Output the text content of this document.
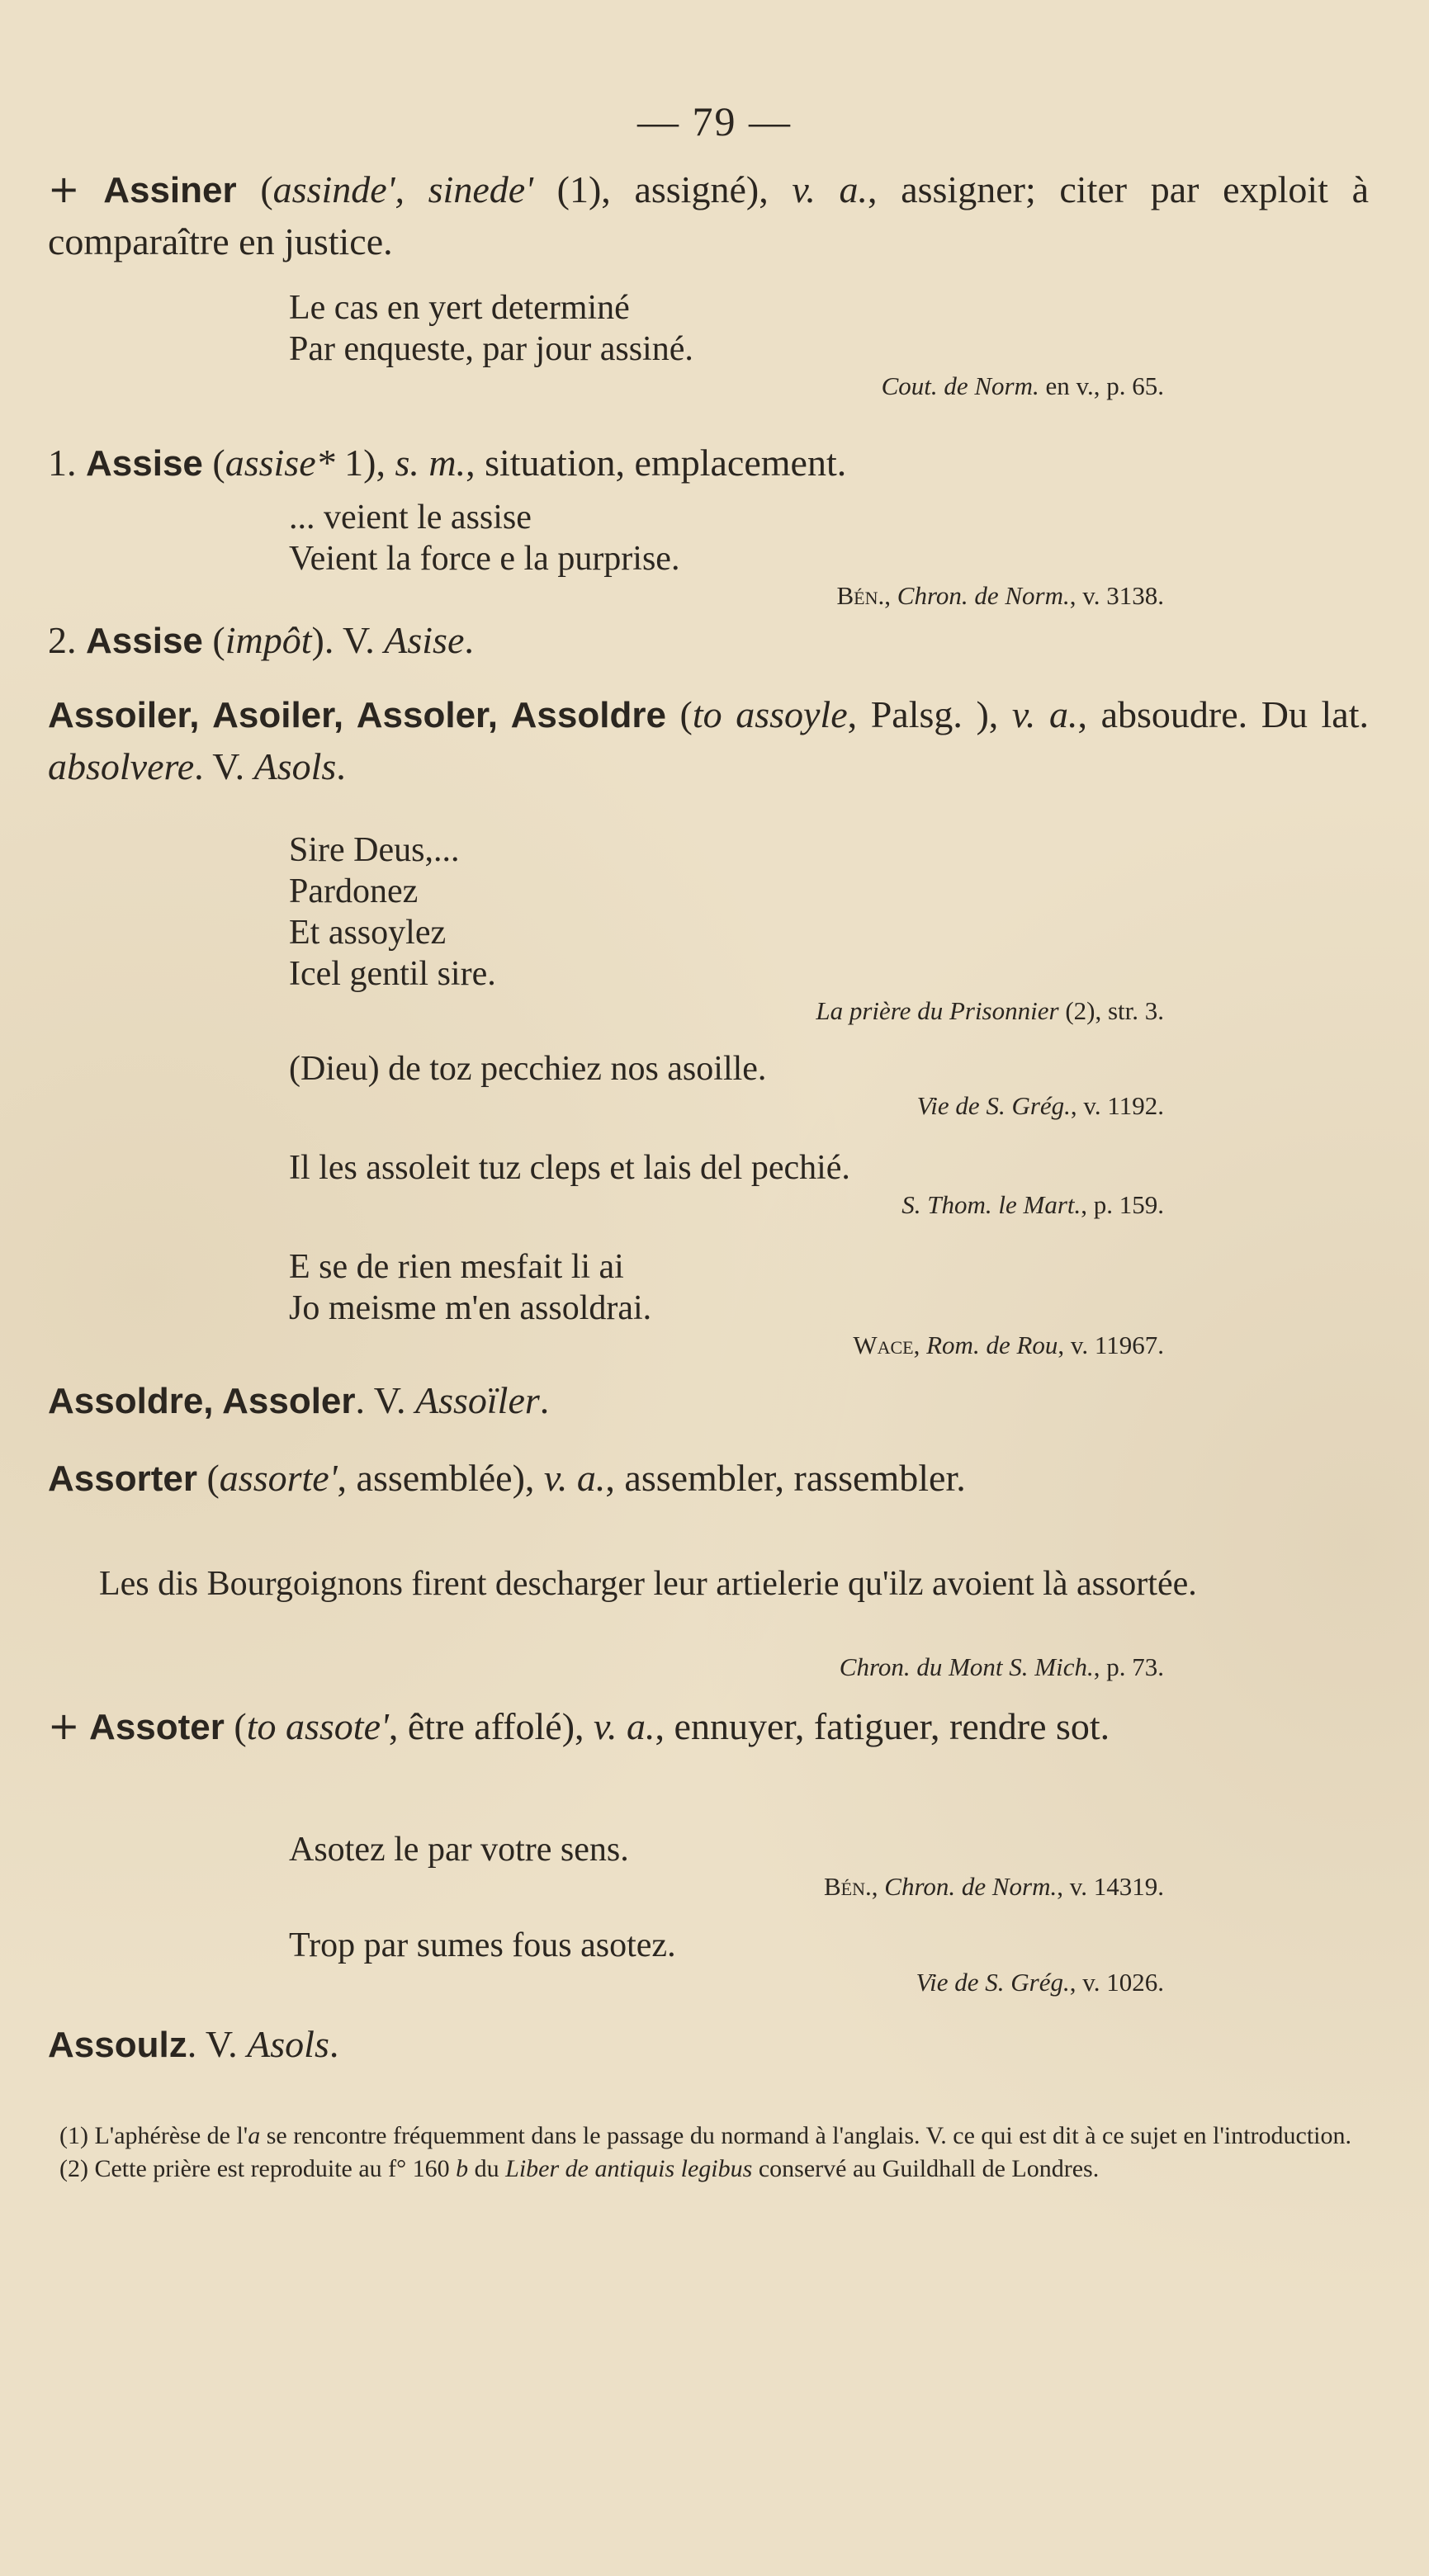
— 79 —
+ Assiner (assinde', sinede' (1), assigné), v. a., assigner; citer par exploit à comparaître en justice.
Le cas en yert determiné
Par enqueste, par jour assiné.
Cout. de Norm. en v., p. 65.
1. Assise (assise* 1), s. m., situation, emplacement.
... veient le assise
Veient la force e la purprise.
Bén., Chron. de Norm., v. 3138.
2. Assise (impôt). V. Asise.
Assoiler, Asoiler, Assoler, Assoldre (to assoyle, Palsg. ), v. a., absoudre. Du lat. absolvere. V. Asols.
Sire Deus,...
Pardonez
Et assoylez
Icel gentil sire.
La prière du Prisonnier (2), str. 3.
(Dieu) de toz pecchiez nos asoille.
Vie de S. Grég., v. 1192.
Il les assoleit tuz cleps et lais del pechié.
S. Thom. le Mart., p. 159.
E se de rien mesfait li ai
Jo meisme m'en assoldrai.
Wace, Rom. de Rou, v. 11967.
Assoldre, Assoler. V. Assoïler.
Assorter (assorte', assemblée), v. a., assembler, rassembler.
Les dis Bourgoignons firent descharger leur artielerie qu'ilz avoient là assortée.
Chron. du Mont S. Mich., p. 73.
+ Assoter (to assote', être affolé), v. a., ennuyer, fatiguer, rendre sot.
Asotez le par votre sens.
Bén., Chron. de Norm., v. 14319.
Trop par sumes fous asotez.
Vie de S. Grég., v. 1026.
Assoulz. V. Asols.
(1) L'aphérèse de l'a se rencontre fréquemment dans le passage du normand à l'anglais. V. ce qui est dit à ce sujet en l'introduction.
(2) Cette prière est reproduite au f° 160 b du Liber de antiquis legibus conservé au Guildhall de Londres.
